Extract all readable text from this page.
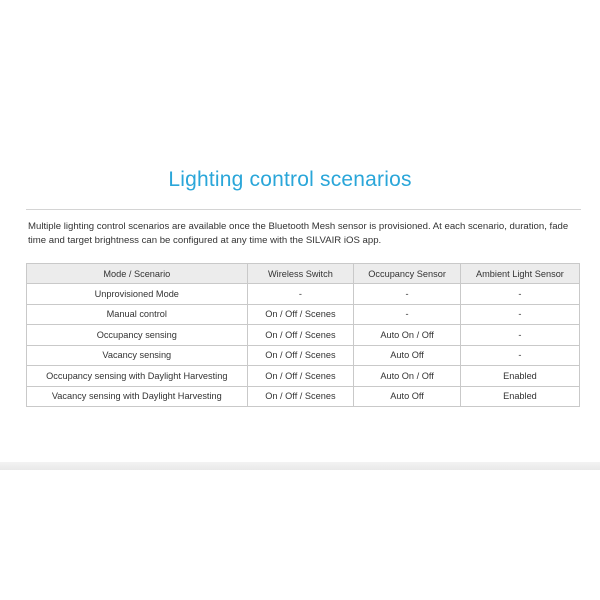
Lighting control scenarios

Multiple lighting control scenarios are available once the Bluetooth Mesh sensor is provisioned. At each scenario, duration, fade time and target brightness can be configured at any time with the SILVAIR iOS app.

Mode / Scenario	Wireless Switch	Occupancy Sensor	Ambient Light Sensor
Unprovisioned Mode	-	-	-
Manual control	On / Off / Scenes	-	-
Occupancy sensing	On / Off / Scenes	Auto On / Off	-
Vacancy sensing	On / Off / Scenes	Auto Off	-
Occupancy sensing with Daylight Harvesting	On / Off / Scenes	Auto On / Off	Enabled
Vacancy sensing with Daylight Harvesting	On / Off / Scenes	Auto Off	Enabled
